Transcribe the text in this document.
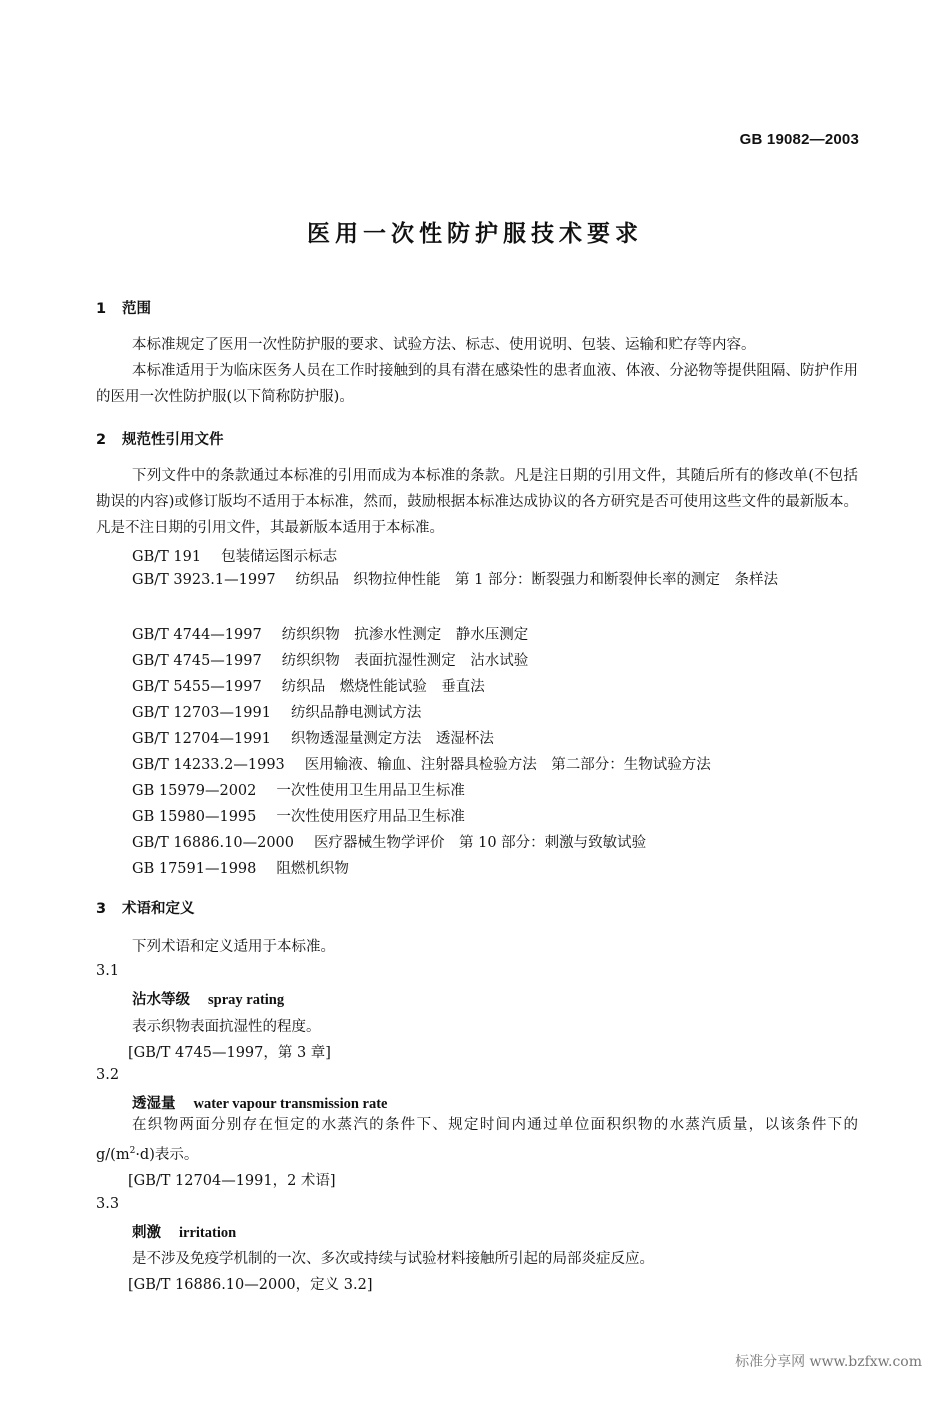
GB 19082—2003
医用一次性防护服技术要求
1 范围
本标准规定了医用一次性防护服的要求、试验方法、标志、使用说明、包装、运输和贮存等内容。
本标准适用于为临床医务人员在工作时接触到的具有潜在感染性的患者血液、体液、分泌物等提供阻隔、防护作用的医用一次性防护服(以下简称防护服)。
2 规范性引用文件
下列文件中的条款通过本标准的引用而成为本标准的条款。凡是注日期的引用文件，其随后所有的修改单(不包括勘误的内容)或修订版均不适用于本标准，然而，鼓励根据本标准达成协议的各方研究是否可使用这些文件的最新版本。凡是不注日期的引用文件，其最新版本适用于本标准。
GB/T 191 包装储运图示标志
GB/T 3923.1—1997 纺织品　织物拉伸性能　第 1 部分：断裂强力和断裂伸长率的测定　条样法
GB/T 4744—1997 纺织织物　抗渗水性测定　静水压测定
GB/T 4745—1997 纺织织物　表面抗湿性测定　沾水试验
GB/T 5455—1997 纺织品　燃烧性能试验　垂直法
GB/T 12703—1991 纺织品静电测试方法
GB/T 12704—1991 织物透湿量测定方法　透湿杯法
GB/T 14233.2—1993 医用输液、输血、注射器具检验方法　第二部分：生物试验方法
GB 15979—2002 一次性使用卫生用品卫生标准
GB 15980—1995 一次性使用医疗用品卫生标准
GB/T 16886.10—2000 医疗器械生物学评价　第 10 部分：刺激与致敏试验
GB 17591—1998 阻燃机织物
3 术语和定义
下列术语和定义适用于本标准。
3.1
沾水等级 spray rating
表示织物表面抗湿性的程度。
[GB/T 4745—1997，第 3 章]
3.2
透湿量 water vapour transmission rate
在织物两面分别存在恒定的水蒸汽的条件下、规定时间内通过单位面积织物的水蒸汽质量，以该条件下的 $g/(m^2\cdot d)$表示。
[GB/T 12704—1991，2 术语]
3.3
刺激 irritation
是不涉及免疫学机制的一次、多次或持续与试验材料接触所引起的局部炎症反应。
[GB/T 16886.10—2000，定义 3.2]
标准分享网 www.bzfxw.com
